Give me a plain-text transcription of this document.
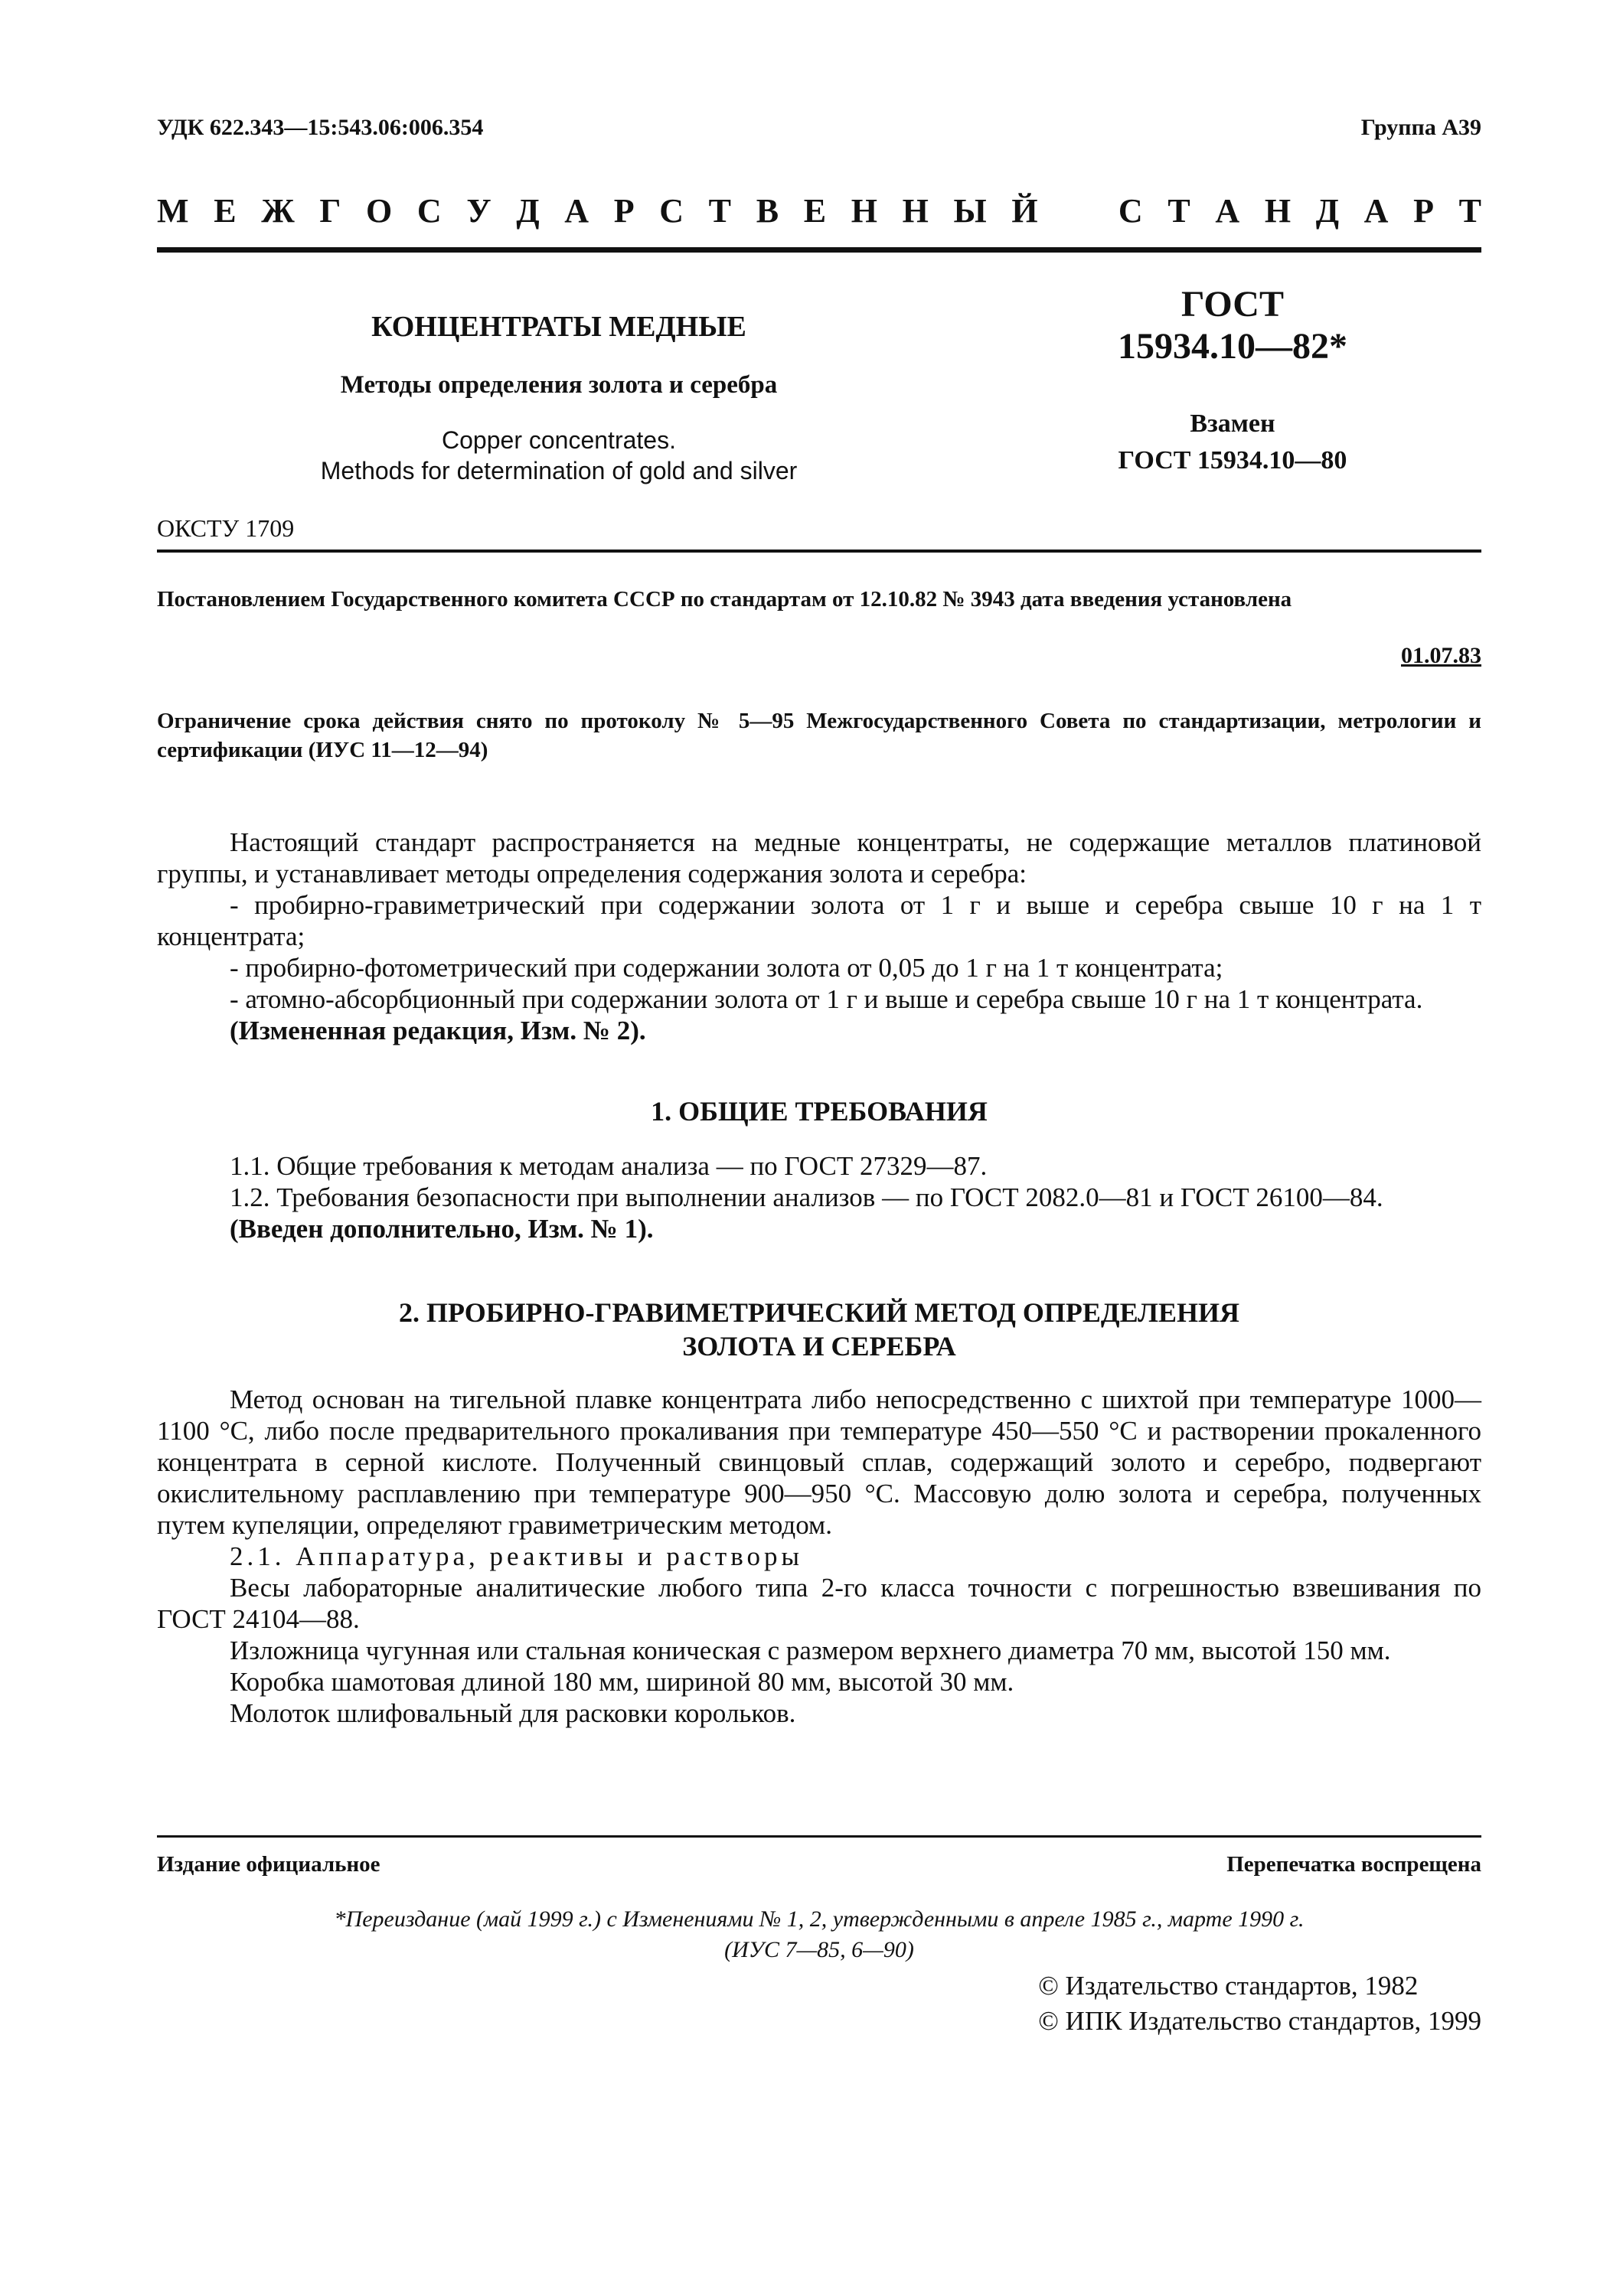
УДК 622.343—15:543.06:006.354	Группа А39
М Е Ж Г О С У Д А Р С Т В Е Н Н Ы Й С Т А Н Д А Р Т
КОНЦЕНТРАТЫ МЕДНЫЕ
Методы определения золота и серебра
Copper concentrates.
Methods for determination of gold and silver
ГОСТ
15934.10—82*
Взамен
ГОСТ 15934.10—80
ОКСТУ 1709
Постановлением Государственного комитета СССР по стандартам от 12.10.82 № 3943 дата введения установлена
01.07.83
Ограничение срока действия снято по протоколу № 5—95 Межгосударственного Совета по стандартизации, метрологии и сертификации (ИУС 11—12—94)

Настоящий стандарт распространяется на медные концентраты, не содержащие металлов платиновой группы, и устанавливает методы определения содержания золота и серебра:

- пробирно-гравиметрический при содержании золота от 1 г и выше и серебра свыше 10 г на 1 т концентрата;

- пробирно-фотометрический при содержании золота от 0,05 до 1 г на 1 т концентрата;

- атомно-абсорбционный при содержании золота от 1 г и выше и серебра свыше 10 г на 1 т концентрата.

(Измененная редакция, Изм. № 2).

1. ОБЩИЕ ТРЕБОВАНИЯ

1.1. Общие требования к методам анализа — по ГОСТ 27329—87.

1.2. Требования безопасности при выполнении анализов — по ГОСТ 2082.0—81 и ГОСТ 26100—84.

(Введен дополнительно, Изм. № 1).

2. ПРОБИРНО-ГРАВИМЕТРИЧЕСКИЙ МЕТОД ОПРЕДЕЛЕНИЯ
ЗОЛОТА И СЕРЕБРА

Метод основан на тигельной плавке концентрата либо непосредственно с шихтой при температуре 1000—1100 °С, либо после предварительного прокаливания при температуре 450—550 °С и растворении прокаленного концентрата в серной кислоте. Полученный свинцовый сплав, содержащий золото и серебро, подвергают окислительному расплавлению при температуре 900—950 °С. Массовую долю золота и серебра, полученных путем купеляции, определяют гравиметрическим методом.

2.1. Аппаратура, реактивы и растворы

Весы лабораторные аналитические любого типа 2-го класса точности с погрешностью взвешивания по ГОСТ 24104—88.

Изложница чугунная или стальная коническая с размером верхнего диаметра 70 мм, высотой 150 мм.

Коробка шамотовая длиной 180 мм, шириной 80 мм, высотой 30 мм.

Молоток шлифовальный для расковки корольков.

Издание официальное	Перепечатка воспрещена
*Переиздание (май 1999 г.) с Изменениями № 1, 2, утвержденными в апреле 1985 г., марте 1990 г.
(ИУС 7—85, 6—90)
© Издательство стандартов, 1982
© ИПК Издательство стандартов, 1999
